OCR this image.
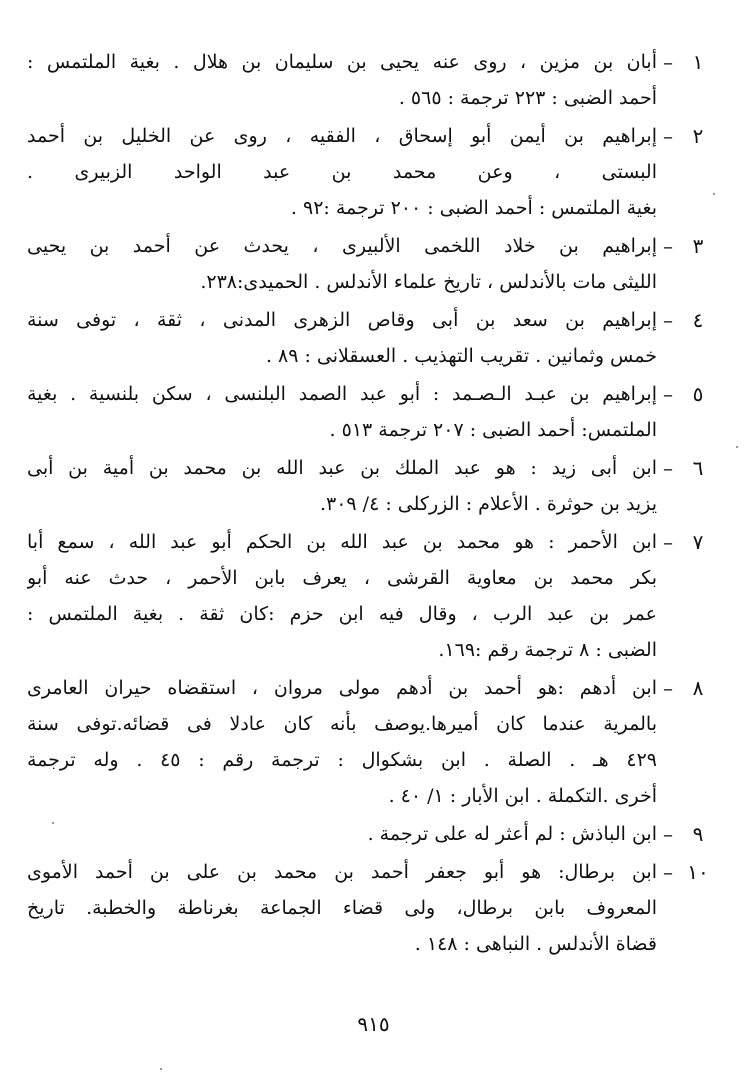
١
–
أبان بن مزين ، روى عنه يحيى بن سليمان بن هلال . بغية الملتمس :
أحمد الضبى : ٢٢٣ ترجمة : ٥٦٥ .
٢
–
إبراهيم بن أيمن أبو إسحاق ، الفقيه ، روى عن الخليل بن أحمد
البستى ، وعن محمد بن عبد الواحد الزبيرى .
بغية الملتمس : أحمد الضبى : ٢٠٠ ترجمة :٩٢ .
٣
–
إبراهيم بن خلاد اللخمى الألبيرى ، يحدث عن أحمد بن يحيى
الليثى مات بالأندلس ، تاريخ علماء الأندلس . الحميدى:٢٣٨.
٤
–
إبراهيم بن سعد بن أبى وقاص الزهرى المدنى ، ثقة ، توفى سنة
خمس وثمانين . تقريب التهذيب . العسقلانى : ٨٩ .
٥
–
إبراهيم بن عبـد الـصـمد : أبو عبد الصمد البلنسى ، سكن بلنسية . بغية
الملتمس: أحمد الضبى : ٢٠٧ ترجمة ٥١٣ .
٦
–
ابن أبى زيد : هو عبد الملك بن عبد الله بن محمد بن أمية بن أبى
يزيد بن حوثرة . الأعلام : الزركلى : ٤/ ٣٠٩.
٧
–
ابن الأحمر : هو محمد بن عبد الله بن الحكم أبو عبد الله ، سمع أبا
بكر محمد بن معاوية القرشى ، يعرف بابن الأحمر ، حدث عنه أبو
عمر بن عبد الرب ، وقال فيه ابن حزم :كان ثقة . بغية الملتمس :
الضبى : ٨ ترجمة رقم :١٦٩.
٨
–
ابن أدهم :هو أحمد بن أدهم مولى مروان ، استقضاه حيران العامرى
بالمرية عندما كان أميرها.يوصف بأنه كان عادلا فى قضائه.توفى سنة
٤٢٩ هـ . الصلة . ابن بشكوال : ترجمة رقم : ٤٥ . وله ترجمة
أخرى .التكملة . ابن الأبار : ١/ ٤٠ .
٩
–
ابن الباذش : لم أعثر له على ترجمة .
١٠
–
ابن برطال: هو أبو جعفر أحمد بن محمد بن على بن أحمد الأموى
المعروف بابن برطال، ولى قضاء الجماعة بغرناطة والخطبة. تاريخ
قضاة الأندلس . النباهى : ١٤٨ .
٩١٥
